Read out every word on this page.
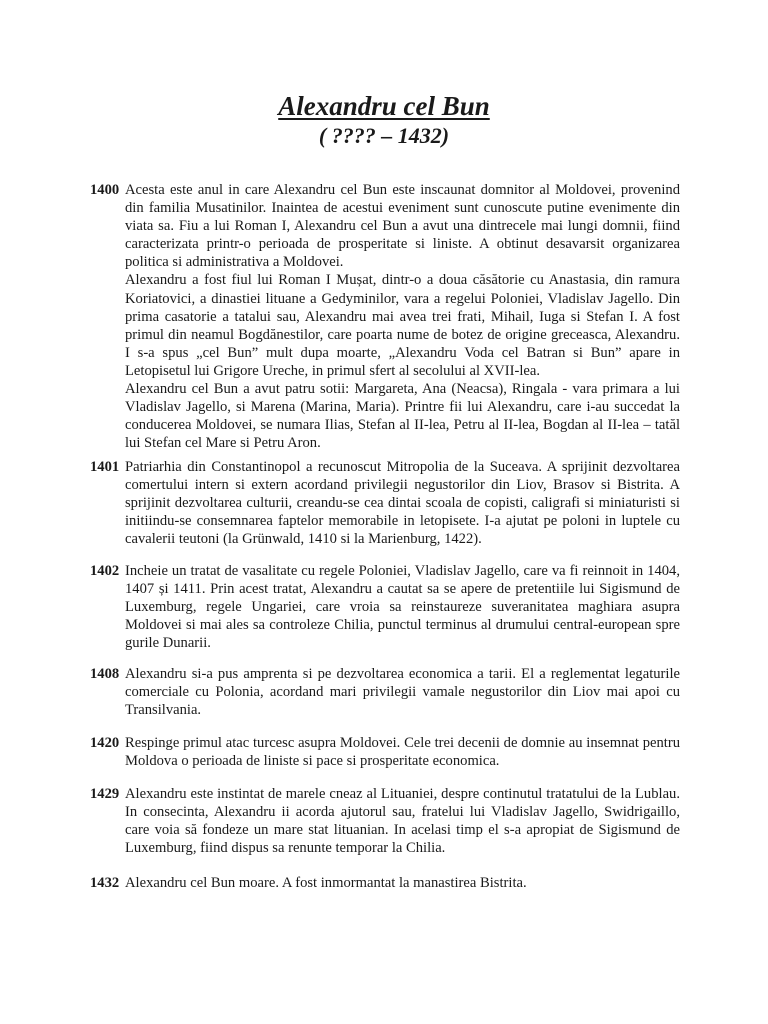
Alexandru cel Bun
( ???? – 1432)
1400 Acesta este anul in care Alexandru cel Bun este inscaunat domnitor al Moldovei, provenind din familia Musatinilor. Inaintea de acestui eveniment sunt cunoscute putine evenimente din viata sa. Fiu a lui Roman I, Alexandru cel Bun a avut una dintrecele mai lungi domnii, fiind caracterizata printr-o perioada de prosperitate si liniste. A obtinut desavarsit organizarea politica si administrativa a Moldovei.
Alexandru a fost fiul lui Roman I Mușat, dintr-o a doua căsătorie cu Anastasia, din ramura Koriatovici, a dinastiei lituane a Gedyminilor, vara a regelui Poloniei, Vladislav Jagello. Din prima casatorie a tatalui sau, Alexandru mai avea trei frati, Mihail, Iuga si Stefan I. A fost primul din neamul Bogdănestilor, care poarta nume de botez de origine greceasca, Alexandru. I s-a spus „cel Bun” mult dupa moarte, „Alexandru Voda cel Batran si Bun” apare in Letopisetul lui Grigore Ureche, in primul sfert al secolului al XVII-lea.
Alexandru cel Bun a avut patru sotii: Margareta, Ana (Neacsa), Ringala - vara primara a lui Vladislav Jagello, si Marena (Marina, Maria). Printre fii lui Alexandru, care i-au succedat la conducerea Moldovei, se numara Ilias, Stefan al II-lea, Petru al II-lea, Bogdan al II-lea – tatăl lui Stefan cel Mare si Petru Aron.
1401 Patriarhia din Constantinopol a recunoscut Mitropolia de la Suceava. A sprijinit dezvoltarea comertului intern si extern acordand privilegii negustorilor din Liov, Brasov si Bistrita. A sprijinit dezvoltarea culturii, creandu-se cea dintai scoala de copisti, caligrafi si miniaturisti si initiindu-se consemnarea faptelor memorabile in letopisete. I-a ajutat pe poloni in luptele cu cavalerii teutoni (la Grünwald, 1410 si la Marienburg, 1422).
1402 Incheie un tratat de vasalitate cu regele Poloniei, Vladislav Jagello, care va fi reinnoit in 1404, 1407 și 1411. Prin acest tratat, Alexandru a cautat sa se apere de pretentiile lui Sigismund de Luxemburg, regele Ungariei, care vroia sa reinstaureze suveranitatea maghiara asupra Moldovei si mai ales sa controleze Chilia, punctul terminus al drumului central-european spre gurile Dunarii.
1408 Alexandru si-a pus amprenta si pe dezvoltarea economica a tarii. El a reglementat legaturile comerciale cu Polonia, acordand mari privilegii vamale negustorilor din Liov mai apoi cu Transilvania.
1420 Respinge primul atac turcesc asupra Moldovei. Cele trei decenii de domnie au insemnat pentru Moldova o perioada de liniste si pace si prosperitate economica.
1429 Alexandru este instintat de marele cneaz al Lituaniei, despre continutul tratatului de la Lublau. In consecinta, Alexandru ii acorda ajutorul sau, fratelui lui Vladislav Jagello, Swidrigaillo, care voia să fondeze un mare stat lituanian. In acelasi timp el s-a apropiat de Sigismund de Luxemburg, fiind dispus sa renunte temporar la Chilia.
1432 Alexandru cel Bun moare. A fost inmormantat la manastirea Bistrita.
